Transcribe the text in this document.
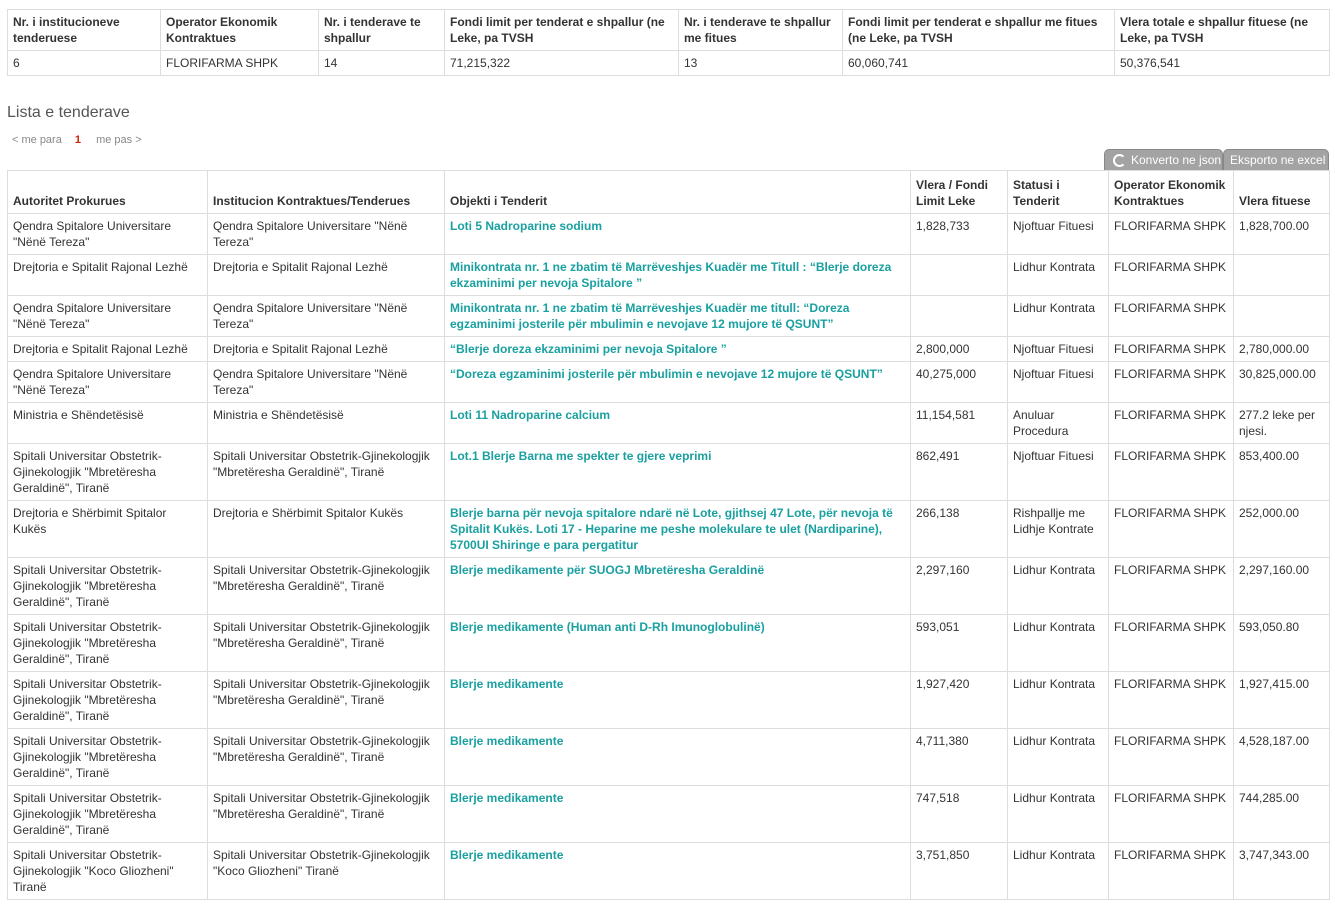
Nr. i institucioneve tenderuese	Operator Ekonomik Kontraktues	Nr. i tenderave te shpallur	Fondi limit per tenderat e shpallur (ne Leke, pa TVSH	Nr. i tenderave te shpallur me fitues	Fondi limit per tenderat e shpallur me fitues (ne Leke, pa TVSH	Vlera totale e shpallur fituese (ne Leke, pa TVSH
6	FLORIFARMA SHPK	14	71,215,322	13	60,060,741	50,376,541
Lista e tenderave
< me para 1 me pas >
Konverto ne json Eksporto ne excel
Autoritet Prokurues	Institucion Kontraktues/Tenderues	Objekti i Tenderit	Vlera / Fondi Limit Leke	Statusi i Tenderit	Operator Ekonomik Kontraktues	Vlera fituese
Qendra Spitalore Universitare "Nënë Tereza"	Qendra Spitalore Universitare "Nënë Tereza"	Loti 5 Nadroparine sodium	1,828,733	Njoftuar Fituesi	FLORIFARMA SHPK	1,828,700.00
Drejtoria e Spitalit Rajonal Lezhë	Drejtoria e Spitalit Rajonal Lezhë	Minikontrata nr. 1 ne zbatim të Marrëveshjes Kuadër me Titull : “Blerje doreza ekzaminimi per nevoja Spitalore ”		Lidhur Kontrata	FLORIFARMA SHPK	
Qendra Spitalore Universitare "Nënë Tereza"	Qendra Spitalore Universitare "Nënë Tereza"	Minikontrata nr. 1 ne zbatim të Marrëveshjes Kuadër me titull: “Doreza egzaminimi josterile për mbulimin e nevojave 12 mujore të QSUNT”		Lidhur Kontrata	FLORIFARMA SHPK	
Drejtoria e Spitalit Rajonal Lezhë	Drejtoria e Spitalit Rajonal Lezhë	“Blerje doreza ekzaminimi per nevoja Spitalore ”	2,800,000	Njoftuar Fituesi	FLORIFARMA SHPK	2,780,000.00
Qendra Spitalore Universitare "Nënë Tereza"	Qendra Spitalore Universitare "Nënë Tereza"	“Doreza egzaminimi josterile për mbulimin e nevojave 12 mujore të QSUNT”	40,275,000	Njoftuar Fituesi	FLORIFARMA SHPK	30,825,000.00
Ministria e Shëndetësisë	Ministria e Shëndetësisë	Loti 11 Nadroparine calcium	11,154,581	Anuluar Procedura	FLORIFARMA SHPK	277.2 leke per njesi.
Spitali Universitar Obstetrik-Gjinekologjik "Mbretëresha Geraldinë", Tiranë	Spitali Universitar Obstetrik-Gjinekologjik "Mbretëresha Geraldinë", Tiranë	Lot.1 Blerje Barna me spekter te gjere veprimi	862,491	Njoftuar Fituesi	FLORIFARMA SHPK	853,400.00
Drejtoria e Shërbimit Spitalor Kukës	Drejtoria e Shërbimit Spitalor Kukës	Blerje barna për nevoja spitalore ndarë në Lote, gjithsej 47 Lote, për nevoja të Spitalit Kukës. Loti 17 - Heparine me peshe molekulare te ulet (Nardiparine), 5700UI Shiringe e para pergatitur	266,138	Rishpallje me Lidhje Kontrate	FLORIFARMA SHPK	252,000.00
Spitali Universitar Obstetrik-Gjinekologjik "Mbretëresha Geraldinë", Tiranë	Spitali Universitar Obstetrik-Gjinekologjik "Mbretëresha Geraldinë", Tiranë	Blerje medikamente për SUOGJ Mbretëresha Geraldinë	2,297,160	Lidhur Kontrata	FLORIFARMA SHPK	2,297,160.00
Spitali Universitar Obstetrik-Gjinekologjik "Mbretëresha Geraldinë", Tiranë	Spitali Universitar Obstetrik-Gjinekologjik "Mbretëresha Geraldinë", Tiranë	Blerje medikamente (Human anti D-Rh Imunoglobulinë)	593,051	Lidhur Kontrata	FLORIFARMA SHPK	593,050.80
Spitali Universitar Obstetrik-Gjinekologjik "Mbretëresha Geraldinë", Tiranë	Spitali Universitar Obstetrik-Gjinekologjik "Mbretëresha Geraldinë", Tiranë	Blerje medikamente	1,927,420	Lidhur Kontrata	FLORIFARMA SHPK	1,927,415.00
Spitali Universitar Obstetrik-Gjinekologjik "Mbretëresha Geraldinë", Tiranë	Spitali Universitar Obstetrik-Gjinekologjik "Mbretëresha Geraldinë", Tiranë	Blerje medikamente	4,711,380	Lidhur Kontrata	FLORIFARMA SHPK	4,528,187.00
Spitali Universitar Obstetrik-Gjinekologjik "Mbretëresha Geraldinë", Tiranë	Spitali Universitar Obstetrik-Gjinekologjik "Mbretëresha Geraldinë", Tiranë	Blerje medikamente	747,518	Lidhur Kontrata	FLORIFARMA SHPK	744,285.00
Spitali Universitar Obstetrik-Gjinekologjik "Koco Gliozheni" Tiranë	Spitali Universitar Obstetrik-Gjinekologjik "Koco Gliozheni" Tiranë	Blerje medikamente	3,751,850	Lidhur Kontrata	FLORIFARMA SHPK	3,747,343.00
